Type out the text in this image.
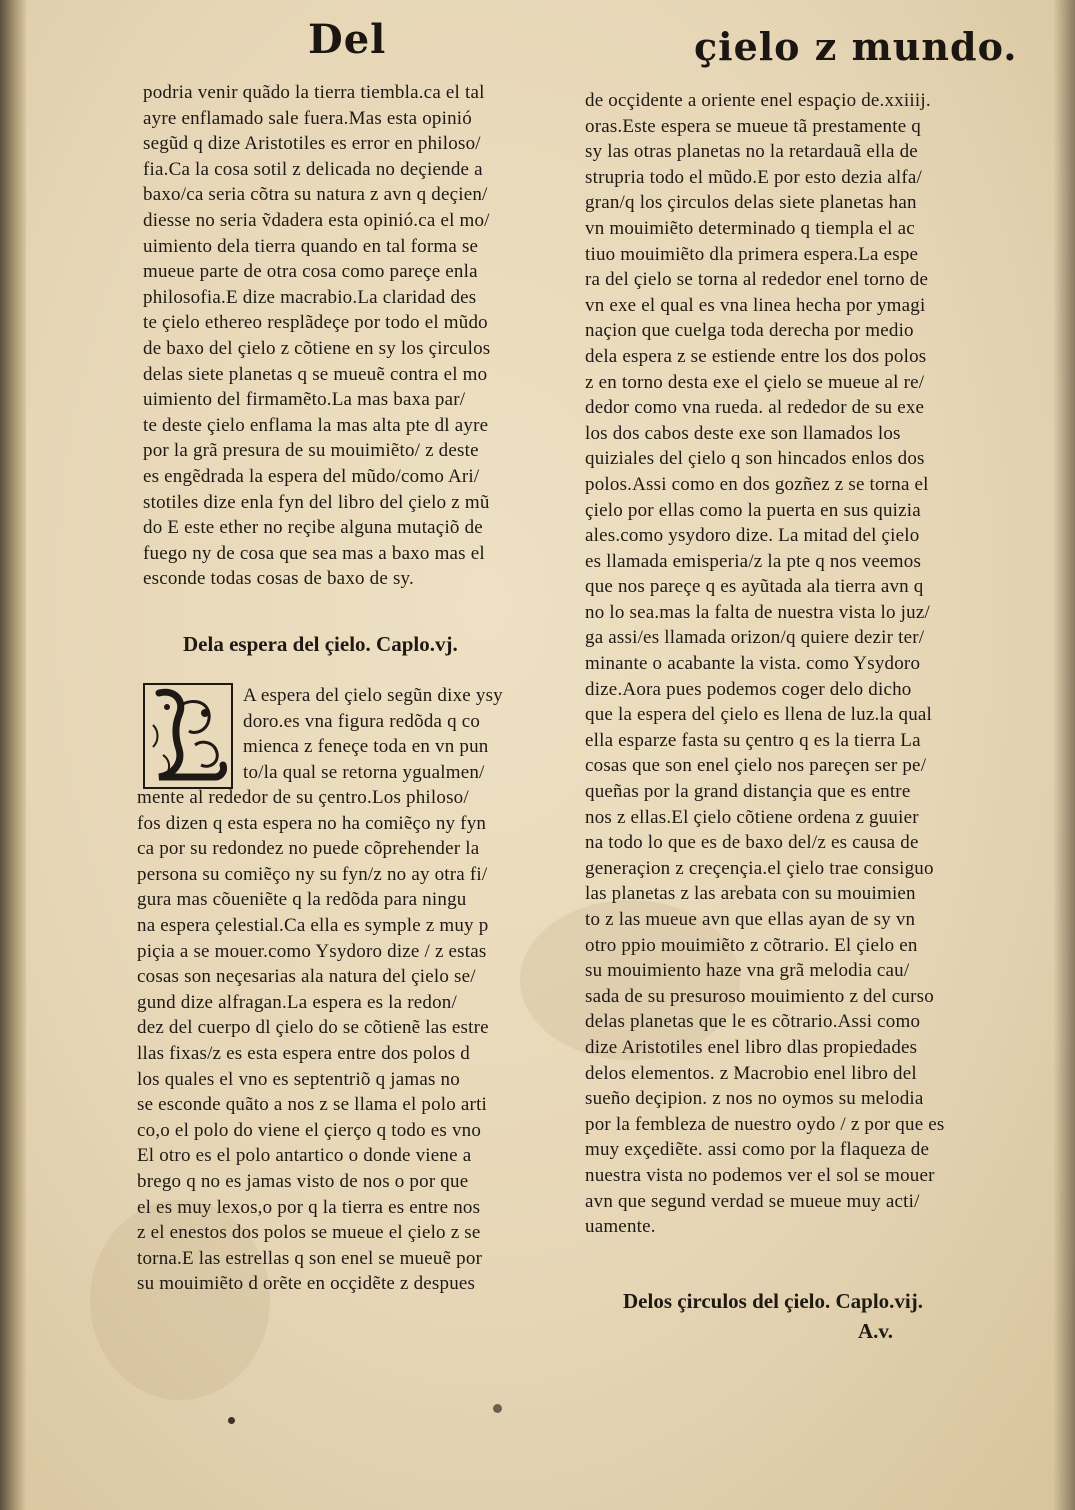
Del	çielo z mundo.
podria venir quãdo la tierra tiembla.ca el tal
ayre enflamado sale fuera.Mas esta opinió
segũd q dize Aristotiles es error en philoso/
fia.Ca la cosa sotil z delicada no deçiende a
baxo/ca seria cõtra su natura z avn q deçien/
diesse no seria ṽdadera esta opinió.ca el mo/
uimiento dela tierra quando en tal forma se
mueue parte de otra cosa como pareçe enla
philosofia.E dize macrabio.La claridad des
te çielo ethereo resplãdeçe por todo el mũdo
de baxo del çielo z cõtiene en sy los çirculos
delas siete planetas q se mueuẽ contra el mo
uimiento del firmamẽto.La mas baxa par/
te deste çielo enflama la mas alta pte dl ayre
por la grã presura de su mouimiẽto/ z deste
es engẽdrada la espera del mũdo/como Ari/
stotiles dize enla fyn del libro del çielo z mũ
do E este ether no reçibe alguna mutaçiõ de
fuego ny de cosa que sea mas a baxo mas el
esconde todas cosas de baxo de sy.
Dela espera del çielo. Caplo.vj.
A espera del çielo segũn dixe ysy
doro.es vna figura redõda q co
mienca z feneçe toda en vn pun
to/la qual se retorna ygualmen/
mente al rededor de su çentro.Los philoso/
fos dizen q esta espera no ha comiẽço ny fyn
ca por su redondez no puede cõprehender la
persona su comiẽço ny su fyn/z no ay otra fi/
gura mas cõueniẽte q la redõda para ningu
na espera çelestial.Ca ella es symple z muy p
piçia a se mouer.como Ysydoro dize / z estas
cosas son neçesarias ala natura del çielo se/
gund dize alfragan.La espera es la redon/
dez del cuerpo dl çielo do se cõtienẽ las estre
llas fixas/z es esta espera entre dos polos d
los quales el vno es septentriõ q jamas no
se esconde quãto a nos z se llama el polo arti
co,o el polo do viene el çierço q todo es vno
El otro es el polo antartico o donde viene a
brego q no es jamas visto de nos o por que
el es muy lexos,o por q la tierra es entre nos
z el enestos dos polos se mueue el çielo z se
torna.E las estrellas q son enel se mueuẽ por
su mouimiẽto d orẽte en ocçidẽte z despues
de ocçidente a oriente enel espaçio de.xxiiij.
oras.Este espera se mueue tã prestamente q
sy las otras planetas no la retardauã ella de
strupria todo el mũdo.E por esto dezia alfa/
gran/q los çirculos delas siete planetas han
vn mouimiẽto determinado q tiempla el ac
tiuo mouimiẽto dla primera espera.La espe
ra del çielo se torna al rededor enel torno de
vn exe el qual es vna linea hecha por ymagi
naçion que cuelga toda derecha por medio
dela espera z se estiende entre los dos polos
z en torno desta exe el çielo se mueue al re/
dedor como vna rueda. al rededor de su exe
los dos cabos deste exe son llamados los
quiziales del çielo q son hincados enlos dos
polos.Assi como en dos gozñez z se torna el
çielo por ellas como la puerta en sus quizia
ales.como ysydoro dize. La mitad del çielo
es llamada emisperia/z la pte q nos veemos
que nos pareçe q es ayũtada ala tierra avn q
no lo sea.mas la falta de nuestra vista lo juz/
ga assi/es llamada orizon/q quiere dezir ter/
minante o acabante la vista. como Ysydoro
dize.Aora pues podemos coger delo dicho
que la espera del çielo es llena de luz.la qual
ella esparze fasta su çentro q es la tierra La
cosas que son enel çielo nos pareçen ser pe/
queñas por la grand distançia que es entre
nos z ellas.El çielo cõtiene ordena z guuier
na todo lo que es de baxo del/z es causa de
generaçion z creçençia.el çielo trae consiguo
las planetas z las arebata con su mouimien
to z las mueue avn que ellas ayan de sy vn
otro ppio mouimiẽto z cõtrario. El çielo en
su mouimiento haze vna grã melodia cau/
sada de su presuroso mouimiento z del curso
delas planetas que le es cõtrario.Assi como
dize Aristotiles enel libro dlas propiedades
delos elementos. z Macrobio enel libro del
sueño deçipion. z nos no oymos su melodia
por la fembleza de nuestro oydo / z por que es
muy exçediẽte. assi como por la flaqueza de
nuestra vista no podemos ver el sol se mouer
avn que segund verdad se mueue muy acti/
uamente.
Delos çirculos del çielo. Caplo.vij.
A.v.
